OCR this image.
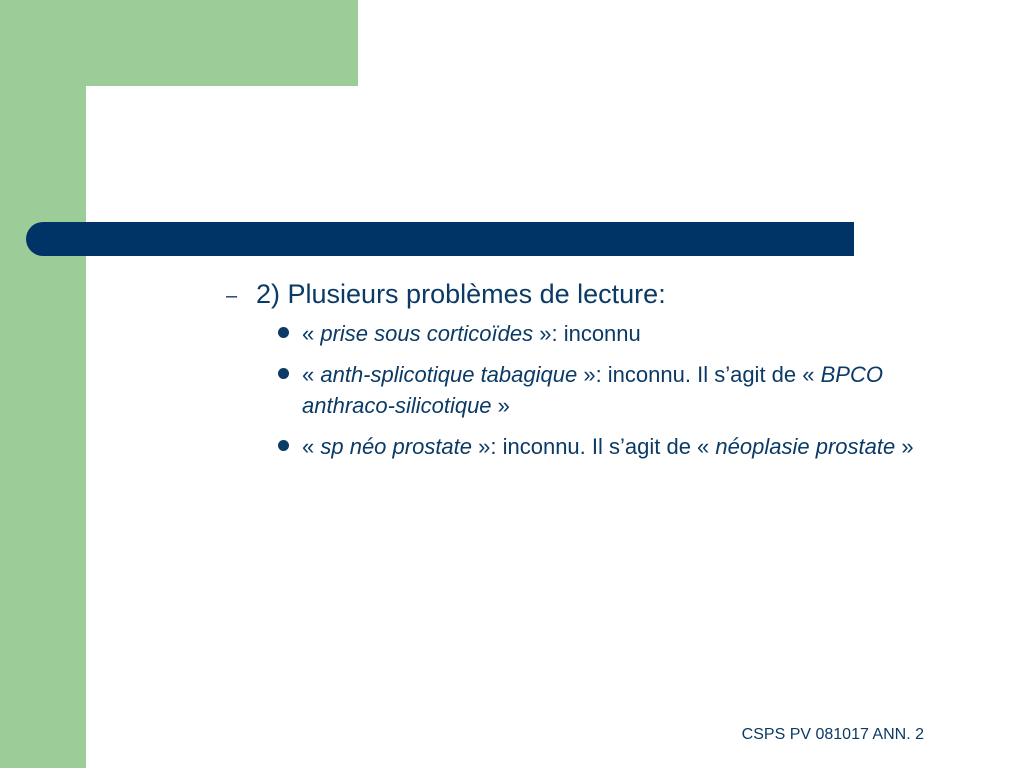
– 2) Plusieurs problèmes de lecture:
« prise sous corticoïdes »: inconnu
« anth-splicotique tabagique »: inconnu. Il s’agit de « BPCO anthraco-silicotique »
« sp néo prostate »: inconnu. Il s’agit de « néoplasie prostate »
CSPS PV 081017 ANN. 2
